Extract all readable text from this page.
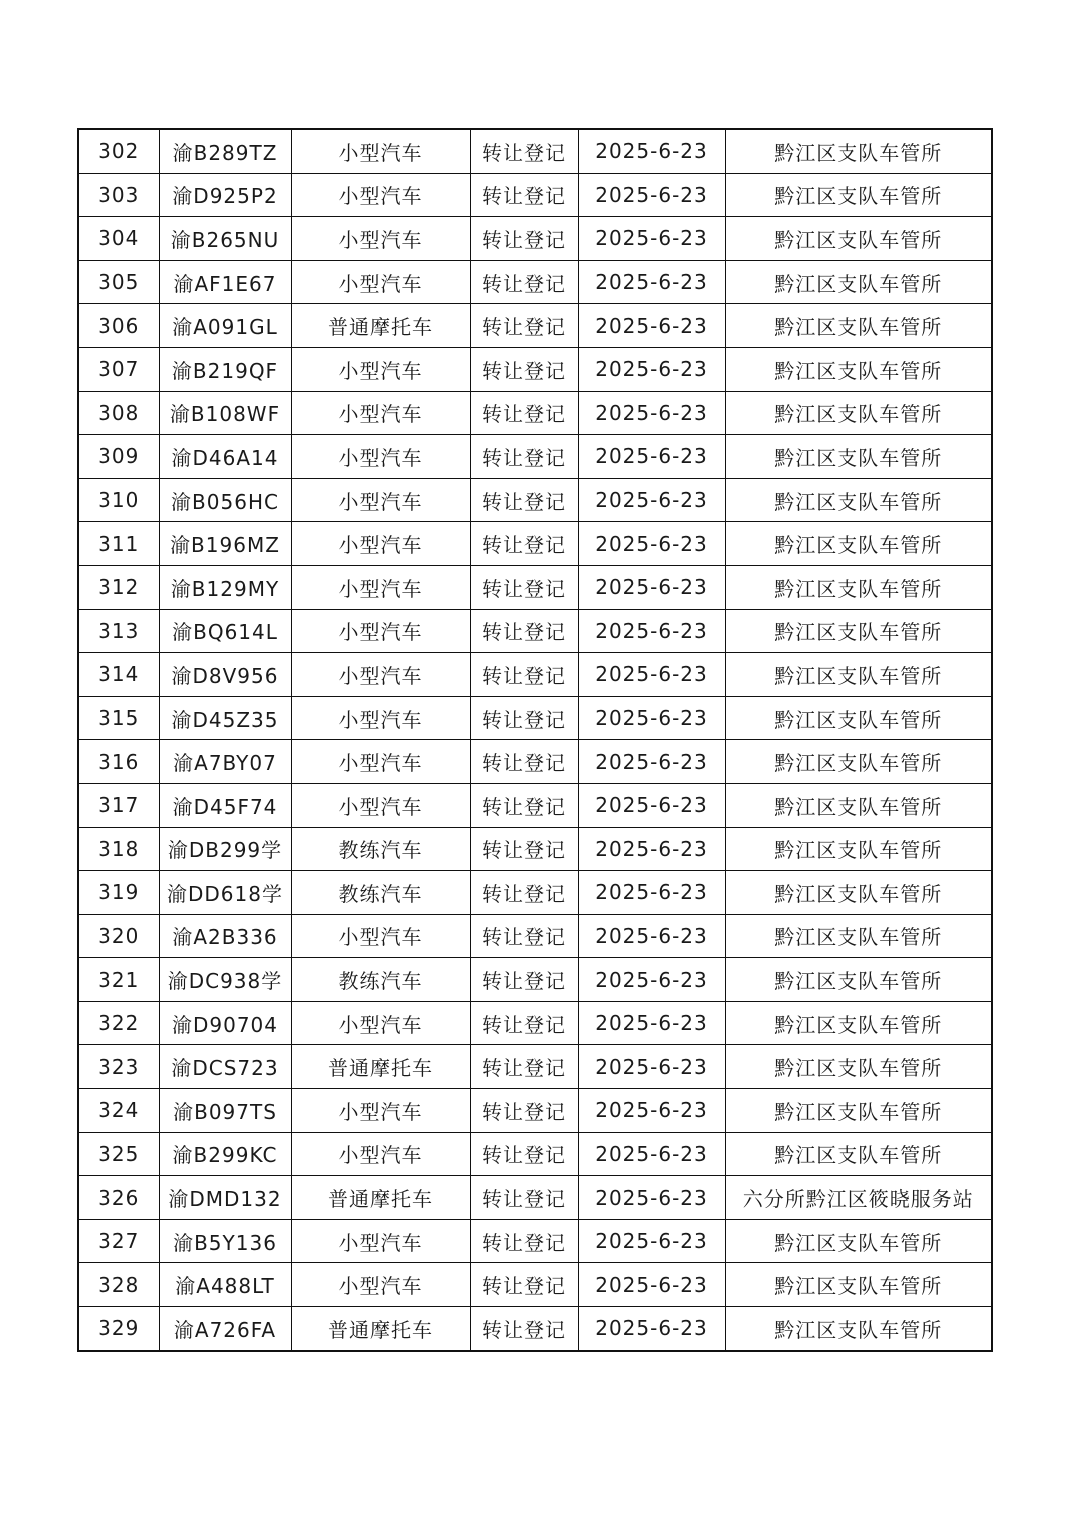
302	渝B289TZ	小型汽车	转让登记	2025-6-23	黔江区支队车管所
303	渝D925P2	小型汽车	转让登记	2025-6-23	黔江区支队车管所
304	渝B265NU	小型汽车	转让登记	2025-6-23	黔江区支队车管所
305	渝AF1E67	小型汽车	转让登记	2025-6-23	黔江区支队车管所
306	渝A091GL	普通摩托车	转让登记	2025-6-23	黔江区支队车管所
307	渝B219QF	小型汽车	转让登记	2025-6-23	黔江区支队车管所
308	渝B108WF	小型汽车	转让登记	2025-6-23	黔江区支队车管所
309	渝D46A14	小型汽车	转让登记	2025-6-23	黔江区支队车管所
310	渝B056HC	小型汽车	转让登记	2025-6-23	黔江区支队车管所
311	渝B196MZ	小型汽车	转让登记	2025-6-23	黔江区支队车管所
312	渝B129MY	小型汽车	转让登记	2025-6-23	黔江区支队车管所
313	渝BQ614L	小型汽车	转让登记	2025-6-23	黔江区支队车管所
314	渝D8V956	小型汽车	转让登记	2025-6-23	黔江区支队车管所
315	渝D45Z35	小型汽车	转让登记	2025-6-23	黔江区支队车管所
316	渝A7BY07	小型汽车	转让登记	2025-6-23	黔江区支队车管所
317	渝D45F74	小型汽车	转让登记	2025-6-23	黔江区支队车管所
318	渝DB299学	教练汽车	转让登记	2025-6-23	黔江区支队车管所
319	渝DD618学	教练汽车	转让登记	2025-6-23	黔江区支队车管所
320	渝A2B336	小型汽车	转让登记	2025-6-23	黔江区支队车管所
321	渝DC938学	教练汽车	转让登记	2025-6-23	黔江区支队车管所
322	渝D90704	小型汽车	转让登记	2025-6-23	黔江区支队车管所
323	渝DCS723	普通摩托车	转让登记	2025-6-23	黔江区支队车管所
324	渝B097TS	小型汽车	转让登记	2025-6-23	黔江区支队车管所
325	渝B299KC	小型汽车	转让登记	2025-6-23	黔江区支队车管所
326	渝DMD132	普通摩托车	转让登记	2025-6-23	六分所黔江区筱晓服务站
327	渝B5Y136	小型汽车	转让登记	2025-6-23	黔江区支队车管所
328	渝A488LT	小型汽车	转让登记	2025-6-23	黔江区支队车管所
329	渝A726FA	普通摩托车	转让登记	2025-6-23	黔江区支队车管所
